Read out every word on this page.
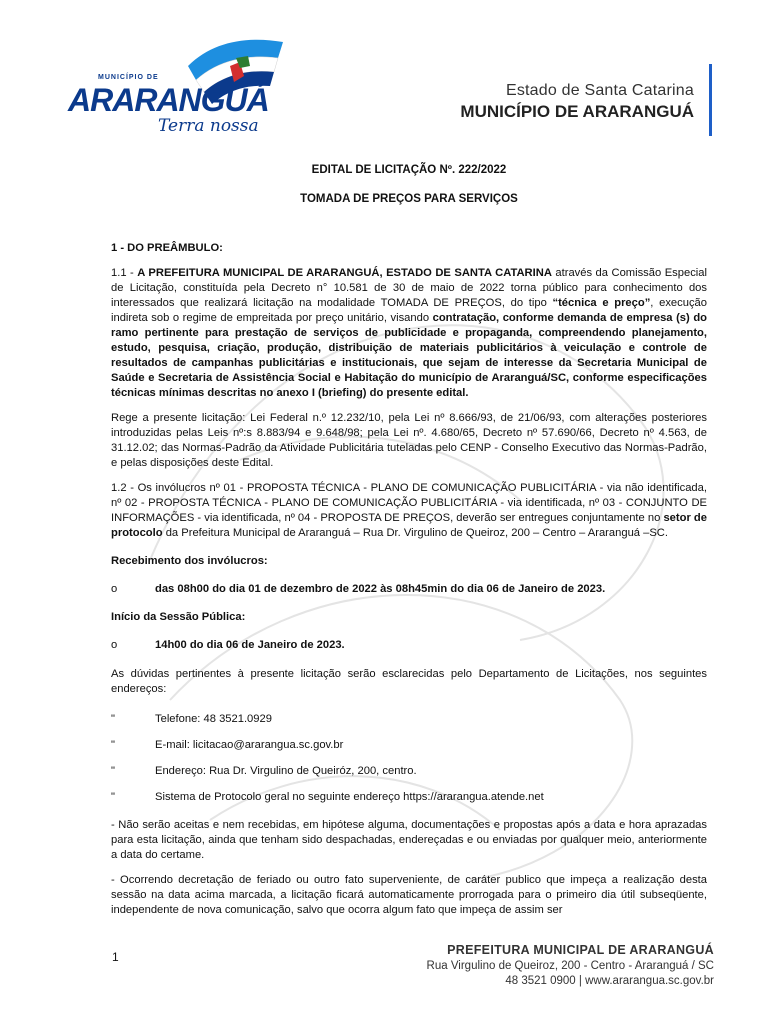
MUNICÍPIO DE
ARARANGUÁ
Terra nossa
Estado de Santa Catarina
MUNICÍPIO DE ARARANGUÁ
EDITAL DE LICITAÇÃO Nº. 222/2022
TOMADA DE PREÇOS PARA SERVIÇOS
1 - DO PREÂMBULO:

1.1 - A PREFEITURA MUNICIPAL DE ARARANGUÁ, ESTADO DE SANTA CATARINA através da Comissão Especial de Licitação, constituída pela Decreto n° 10.581 de 30 de maio de 2022 torna público para conhecimento dos interessados que realizará licitação na modalidade TOMADA DE PREÇOS, do tipo “técnica e preço”, execução indireta sob o regime de empreitada por preço unitário, visando contratação, conforme demanda de empresa (s) do ramo pertinente para prestação de serviços de publicidade e propaganda, compreendendo planejamento, estudo, pesquisa, criação, produção, distribuição de materiais publicitários à veiculação e controle de resultados de campanhas publicitárias e institucionais, que sejam de interesse da Secretaria Municipal de Saúde e Secretaria de Assistência Social e Habitação do município de Araranguá/SC, conforme especificações técnicas mínimas descritas no anexo I (briefing) do presente edital.

Rege a presente licitação: Lei Federal n.º 12.232/10, pela Lei nº 8.666/93, de 21/06/93, com alterações posteriores introduzidas pelas Leis nº:s 8.883/94 e 9.648/98; pela Lei nº. 4.680/65, Decreto nº 57.690/66, Decreto nº 4.563, de 31.12.02; das Normas-Padrão da Atividade Publicitária tuteladas pelo CENP - Conselho Executivo das Normas-Padrão, e pelas disposições deste Edital.

1.2 - Os invólucros nº 01 - PROPOSTA TÉCNICA - PLANO DE COMUNICAÇÃO PUBLICITÁRIA - via não identificada, nº 02 - PROPOSTA TÉCNICA - PLANO DE COMUNICAÇÃO PUBLICITÁRIA - via identificada, nº 03 - CONJUNTO DE INFORMAÇÕES - via identificada, nº 04 - PROPOSTA DE PREÇOS, deverão ser entregues conjuntamente no setor de protocolo da Prefeitura Municipal de Araranguá – Rua Dr. Virgulino de Queiroz, 200 – Centro – Araranguá –SC.

Recebimento dos invólucros:
o	das 08h00 do dia 01 de dezembro de 2022 às 08h45min do dia 06 de Janeiro de 2023.
Início da Sessão Pública:
o	14h00 do dia 06 de Janeiro de 2023.

As dúvidas pertinentes à presente licitação serão esclarecidas pelo Departamento de Licitações, nos seguintes endereços:

"	Telefone: 48 3521.0929
"	E-mail: licitacao@ararangua.sc.gov.br
"	Endereço: Rua Dr. Virgulino de Queiróz, 200, centro.
"	Sistema de Protocolo geral no seguinte endereço https://ararangua.atende.net

- Não serão aceitas e nem recebidas, em hipótese alguma, documentações e propostas após a data e hora aprazadas para esta licitação, ainda que tenham sido despachadas, endereçadas e ou enviadas por qualquer meio, anteriormente a data do certame.

- Ocorrendo decretação de feriado ou outro fato superveniente, de caráter publico que impeça a realização desta sessão na data acima marcada, a licitação ficará automaticamente prorrogada para o primeiro dia útil subseqüente, independente de nova comunicação, salvo que ocorra algum fato que impeça de assim ser

1	PREFEITURA MUNICIPAL DE ARARANGUÁ
Rua Virgulino de Queiroz, 200 - Centro - Araranguá / SC
48 3521 0900 | www.ararangua.sc.gov.br
